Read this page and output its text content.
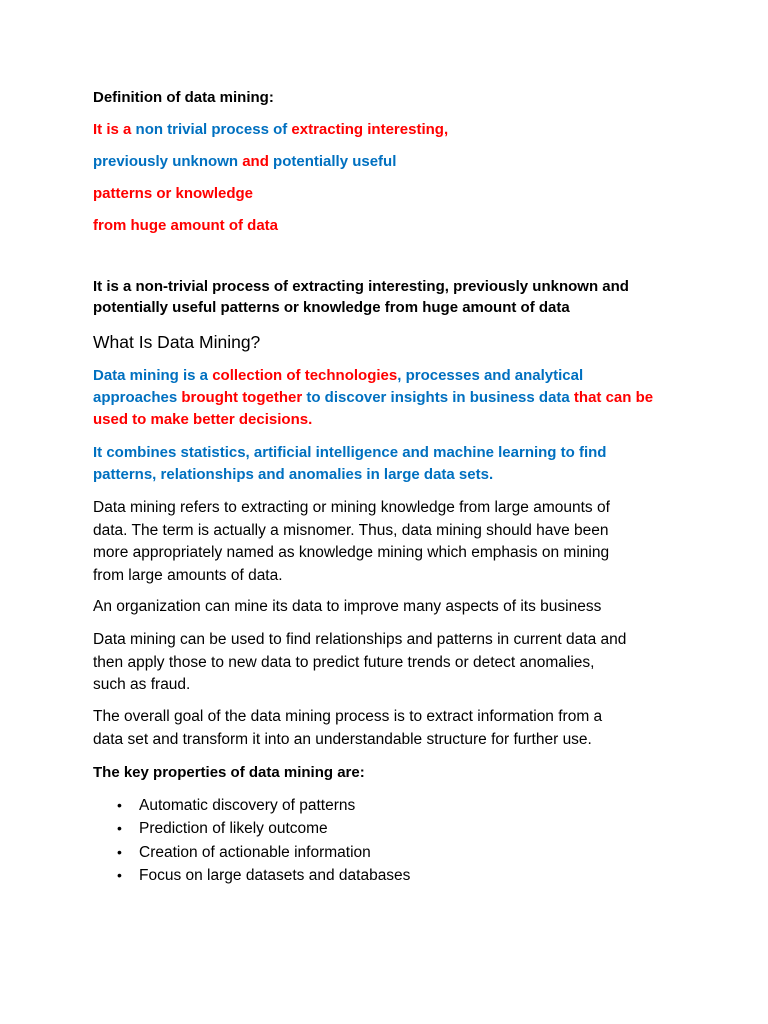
Definition of data mining:

It is a non trivial process of extracting interesting,

previously unknown and potentially useful

patterns or knowledge

from huge amount of data

It is a non-trivial process of extracting interesting, previously unknown and

potentially useful patterns or knowledge from huge amount of data

What Is Data Mining?

Data mining is a collection of technologies, processes and analytical

approaches brought together to discover insights in business data that can be

used to make better decisions.

It combines statistics, artificial intelligence and machine learning to find

patterns, relationships and anomalies in large data sets.

Data mining refers to extracting or mining knowledge from large amounts of
data. The term is actually a misnomer. Thus, data mining should have been
more appropriately named as knowledge mining which emphasis on mining
from large amounts of data.
An organization can mine its data to improve many aspects of its business
Data mining can be used to find relationships and patterns in current data and
then apply those to new data to predict future trends or detect anomalies,
such as fraud.
The overall goal of the data mining process is to extract information from a
data set and transform it into an understandable structure for further use.

The key properties of data mining are:

• Automatic discovery of patterns
• Prediction of likely outcome
• Creation of actionable information
• Focus on large datasets and databases
